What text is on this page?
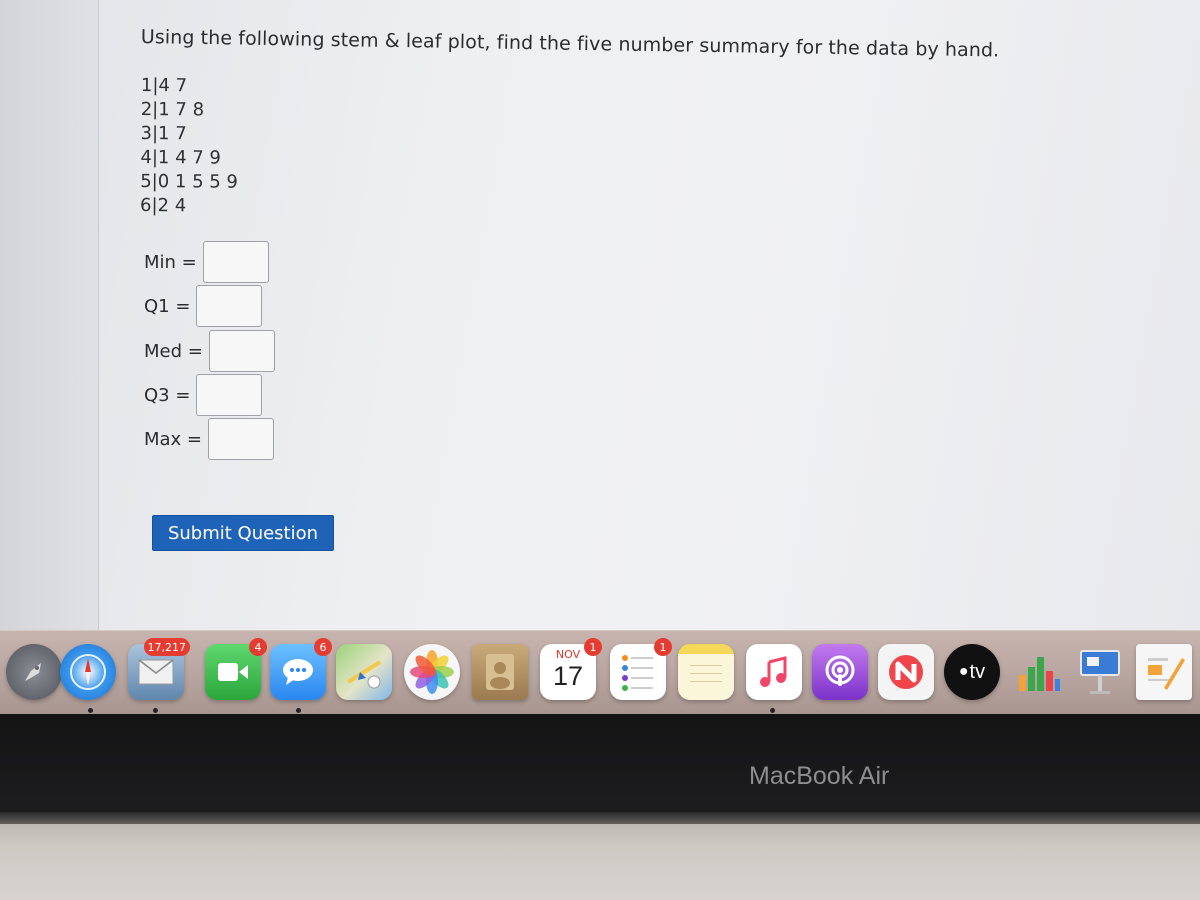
Using the following stem & leaf plot, find the five number summary for the data by hand.
1|4 7
2|1 7 8
3|1 7
4|1 4 7 9
5|0 1 5 5 9
6|2 4
Min =
Q1 =
Med =
Q3 =
Max =
Submit Question
17,217	4	6
NOV
17
1	1
● tv
MacBook Air
